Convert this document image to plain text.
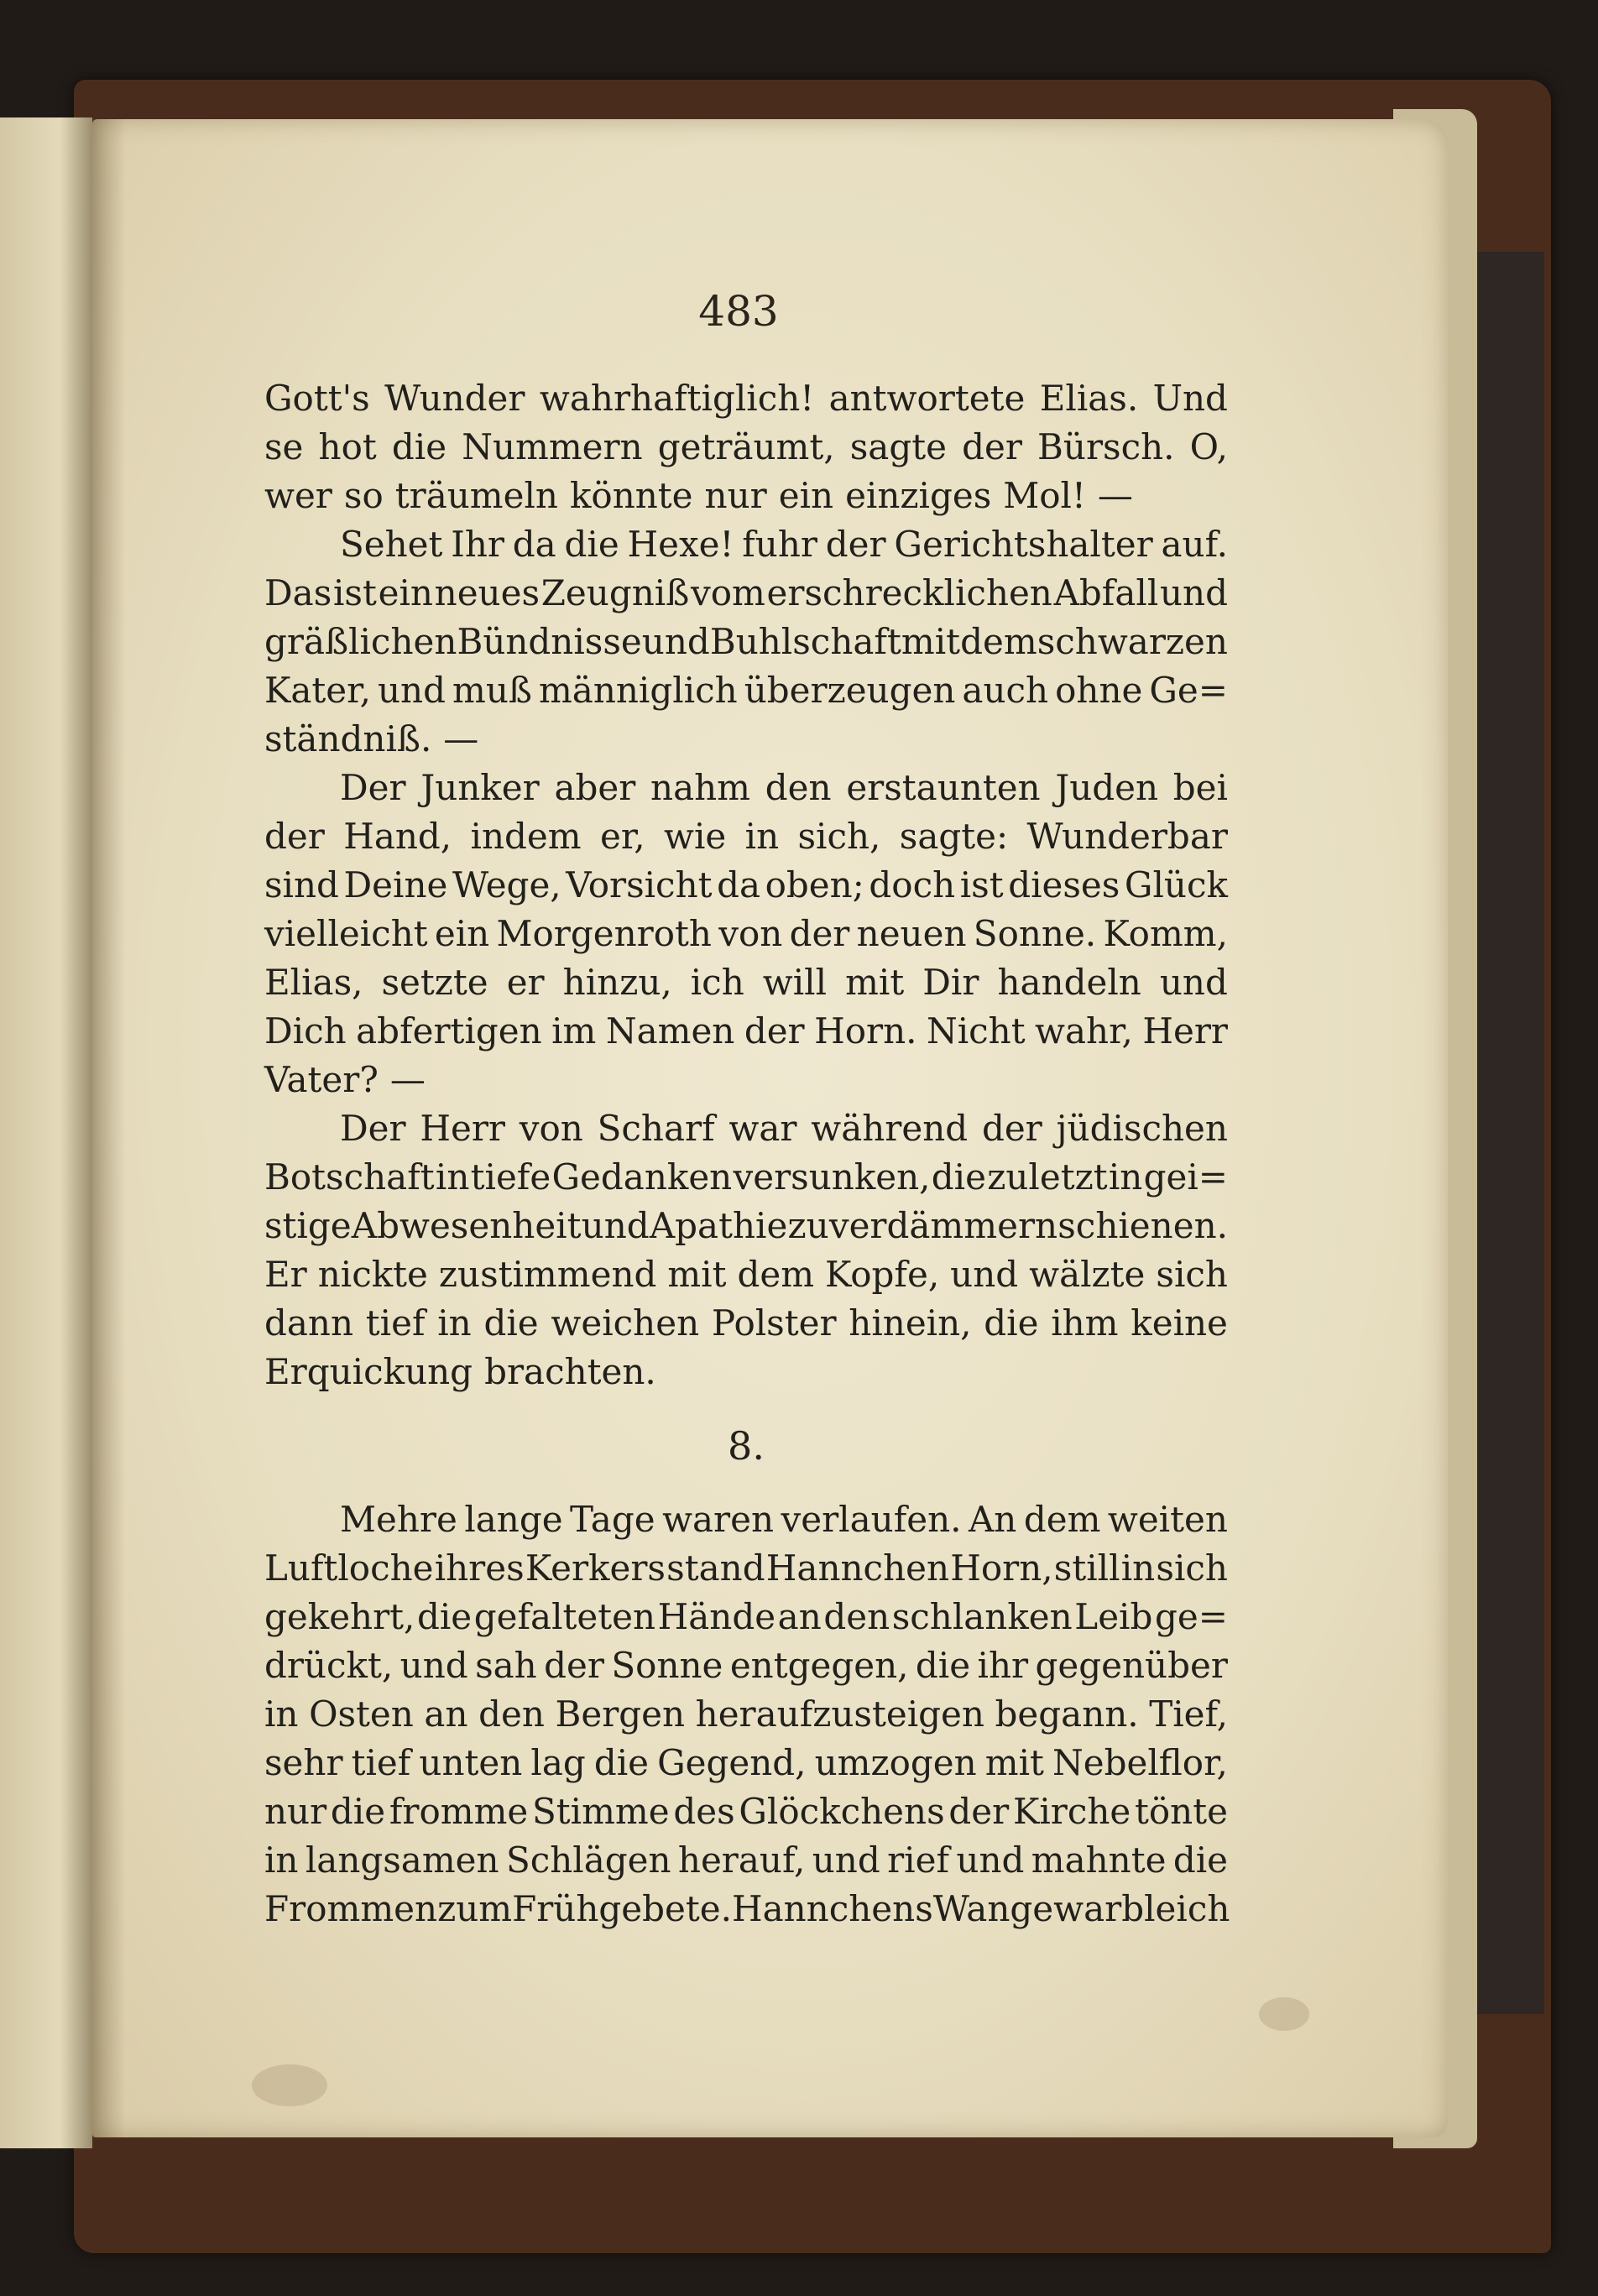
483
Gott's Wunder wahrhaftiglich! antwortete Elias. Und
se hot die Nummern geträumt, sagte der Bürsch. O,
wer so träumeln könnte nur ein einziges Mol! —
Sehet Ihr da die Hexe! fuhr der Gerichtshalter auf.
Das ist ein neues Zeugniß vom erschrecklichen Abfall und
gräßlichen Bündnisse und Buhlschaft mit dem schwarzen
Kater, und muß männiglich überzeugen auch ohne Ge=
ständniß. —
Der Junker aber nahm den erstaunten Juden bei
der Hand, indem er, wie in sich, sagte: Wunderbar
sind Deine Wege, Vorsicht da oben; doch ist dieses Glück
vielleicht ein Morgenroth von der neuen Sonne. Komm,
Elias, setzte er hinzu, ich will mit Dir handeln und
Dich abfertigen im Namen der Horn. Nicht wahr, Herr
Vater? —
Der Herr von Scharf war während der jüdischen
Botschaft in tiefe Gedanken versunken, die zuletzt in gei=
stige Abwesenheit und Apathie zu verdämmern schienen.
Er nickte zustimmend mit dem Kopfe, und wälzte sich
dann tief in die weichen Polster hinein, die ihm keine
Erquickung brachten.
8.
Mehre lange Tage waren verlaufen. An dem weiten
Luftloche ihres Kerkers stand Hannchen Horn, still in sich
gekehrt, die gefalteten Hände an den schlanken Leib ge=
drückt, und sah der Sonne entgegen, die ihr gegenüber
in Osten an den Bergen heraufzusteigen begann. Tief,
sehr tief unten lag die Gegend, umzogen mit Nebelflor,
nur die fromme Stimme des Glöckchens der Kirche tönte
in langsamen Schlägen herauf, und rief und mahnte die
Frommen zum Frühgebete. Hannchens Wange war bleich
